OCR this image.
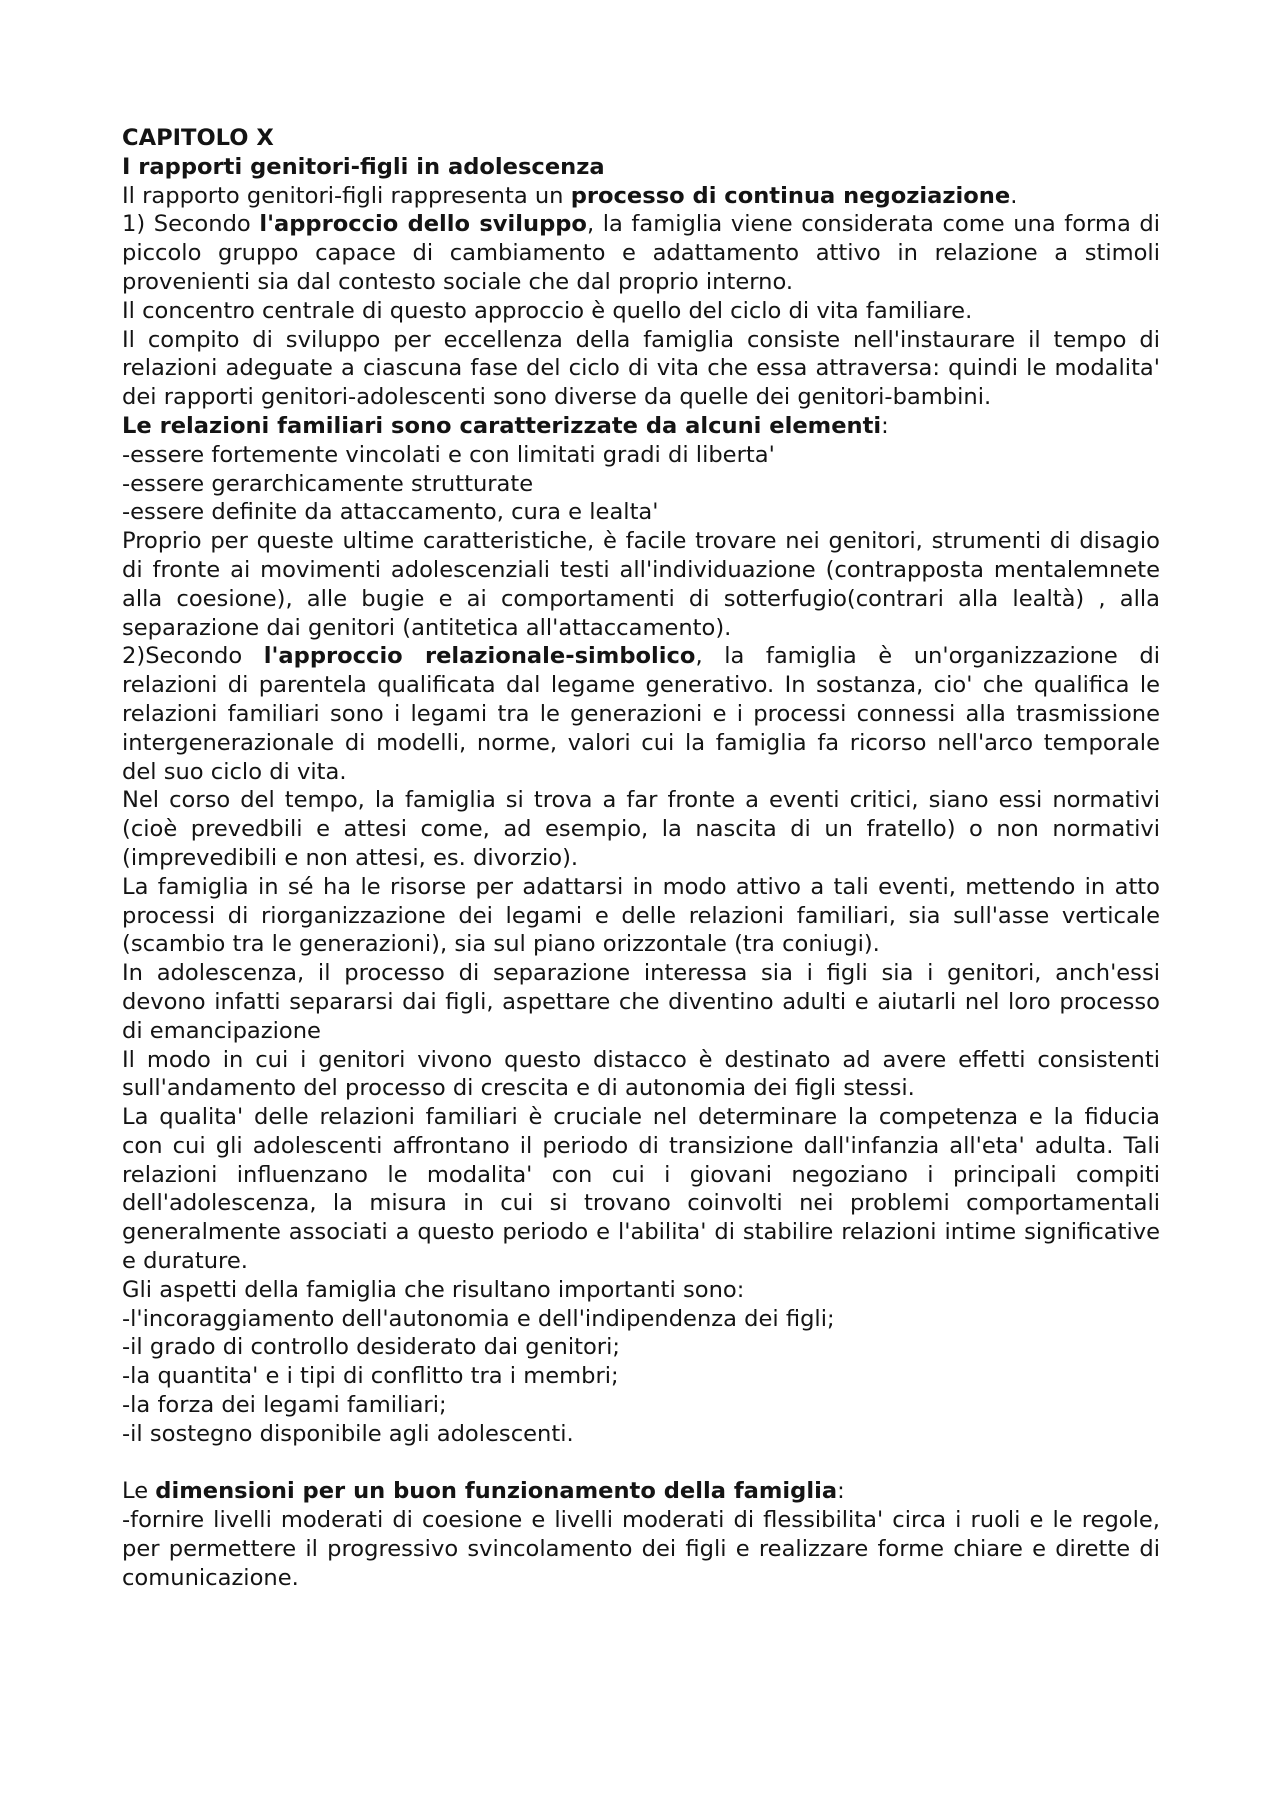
CAPITOLO X

I rapporti genitori-figli in adolescenza

Il rapporto genitori-figli rappresenta un processo di continua negoziazione.

1) Secondo l'approccio dello sviluppo, la famiglia viene considerata come una forma di piccolo gruppo capace di cambiamento e adattamento attivo in relazione a stimoli provenienti sia dal contesto sociale che dal proprio interno.

Il concentro centrale di questo approccio è quello del ciclo di vita familiare.

Il compito di sviluppo per eccellenza della famiglia consiste nell'instaurare il tempo di relazioni adeguate a ciascuna fase del ciclo di vita che essa attraversa: quindi le modalita' dei rapporti genitori-adolescenti sono diverse da quelle dei genitori-bambini.

Le relazioni familiari sono caratterizzate da alcuni elementi:

-essere fortemente vincolati e con limitati gradi di liberta'

-essere gerarchicamente strutturate

-essere definite da attaccamento, cura e lealta'

Proprio per queste ultime caratteristiche, è facile trovare nei genitori, strumenti di disagio di fronte ai movimenti adolescenziali testi all'individuazione (contrapposta mentalemnete alla coesione), alle bugie e ai comportamenti di sotterfugio(contrari alla lealtà) , alla separazione dai genitori (antitetica all'attaccamento).

2)Secondo l'approccio relazionale-simbolico, la famiglia è un'organizzazione di relazioni di parentela qualificata dal legame generativo. In sostanza, cio' che qualifica le relazioni familiari sono i legami tra le generazioni e i processi connessi alla trasmissione intergenerazionale di modelli, norme, valori cui la famiglia fa ricorso nell'arco temporale del suo ciclo di vita.

Nel corso del tempo, la famiglia si trova a far fronte a eventi critici, siano essi normativi (cioè prevedbili e attesi come, ad esempio, la nascita di un fratello) o non normativi (imprevedibili e non attesi, es. divorzio).

La famiglia in sé ha le risorse per adattarsi in modo attivo a tali eventi, mettendo in atto processi di riorganizzazione dei legami e delle relazioni familiari, sia sull'asse verticale (scambio tra le generazioni), sia sul piano orizzontale (tra coniugi).

In adolescenza, il processo di separazione interessa sia i figli sia i genitori, anch'essi devono infatti separarsi dai figli, aspettare che diventino adulti e aiutarli nel loro processo di emancipazione

Il modo in cui i genitori vivono questo distacco è destinato ad avere effetti consistenti sull'andamento del processo di crescita e di autonomia dei figli stessi.

La qualita' delle relazioni familiari è cruciale nel determinare la competenza e la fiducia con cui gli adolescenti affrontano il periodo di transizione dall'infanzia all'eta' adulta. Tali relazioni influenzano le modalita' con cui i giovani negoziano i principali compiti dell'adolescenza, la misura in cui si trovano coinvolti nei problemi comportamentali generalmente associati a questo periodo e l'abilita' di stabilire relazioni intime significative e durature.

Gli aspetti della famiglia che risultano importanti sono:

-l'incoraggiamento dell'autonomia e dell'indipendenza dei figli;

-il grado di controllo desiderato dai genitori;

-la quantita' e i tipi di conflitto tra i membri;

-la forza dei legami familiari;

-il sostegno disponibile agli adolescenti.

Le dimensioni per un buon funzionamento della famiglia:

-fornire livelli moderati di coesione e livelli moderati di flessibilita' circa i ruoli e le regole, per permettere il progressivo svincolamento dei figli e realizzare forme chiare e dirette di comunicazione.
